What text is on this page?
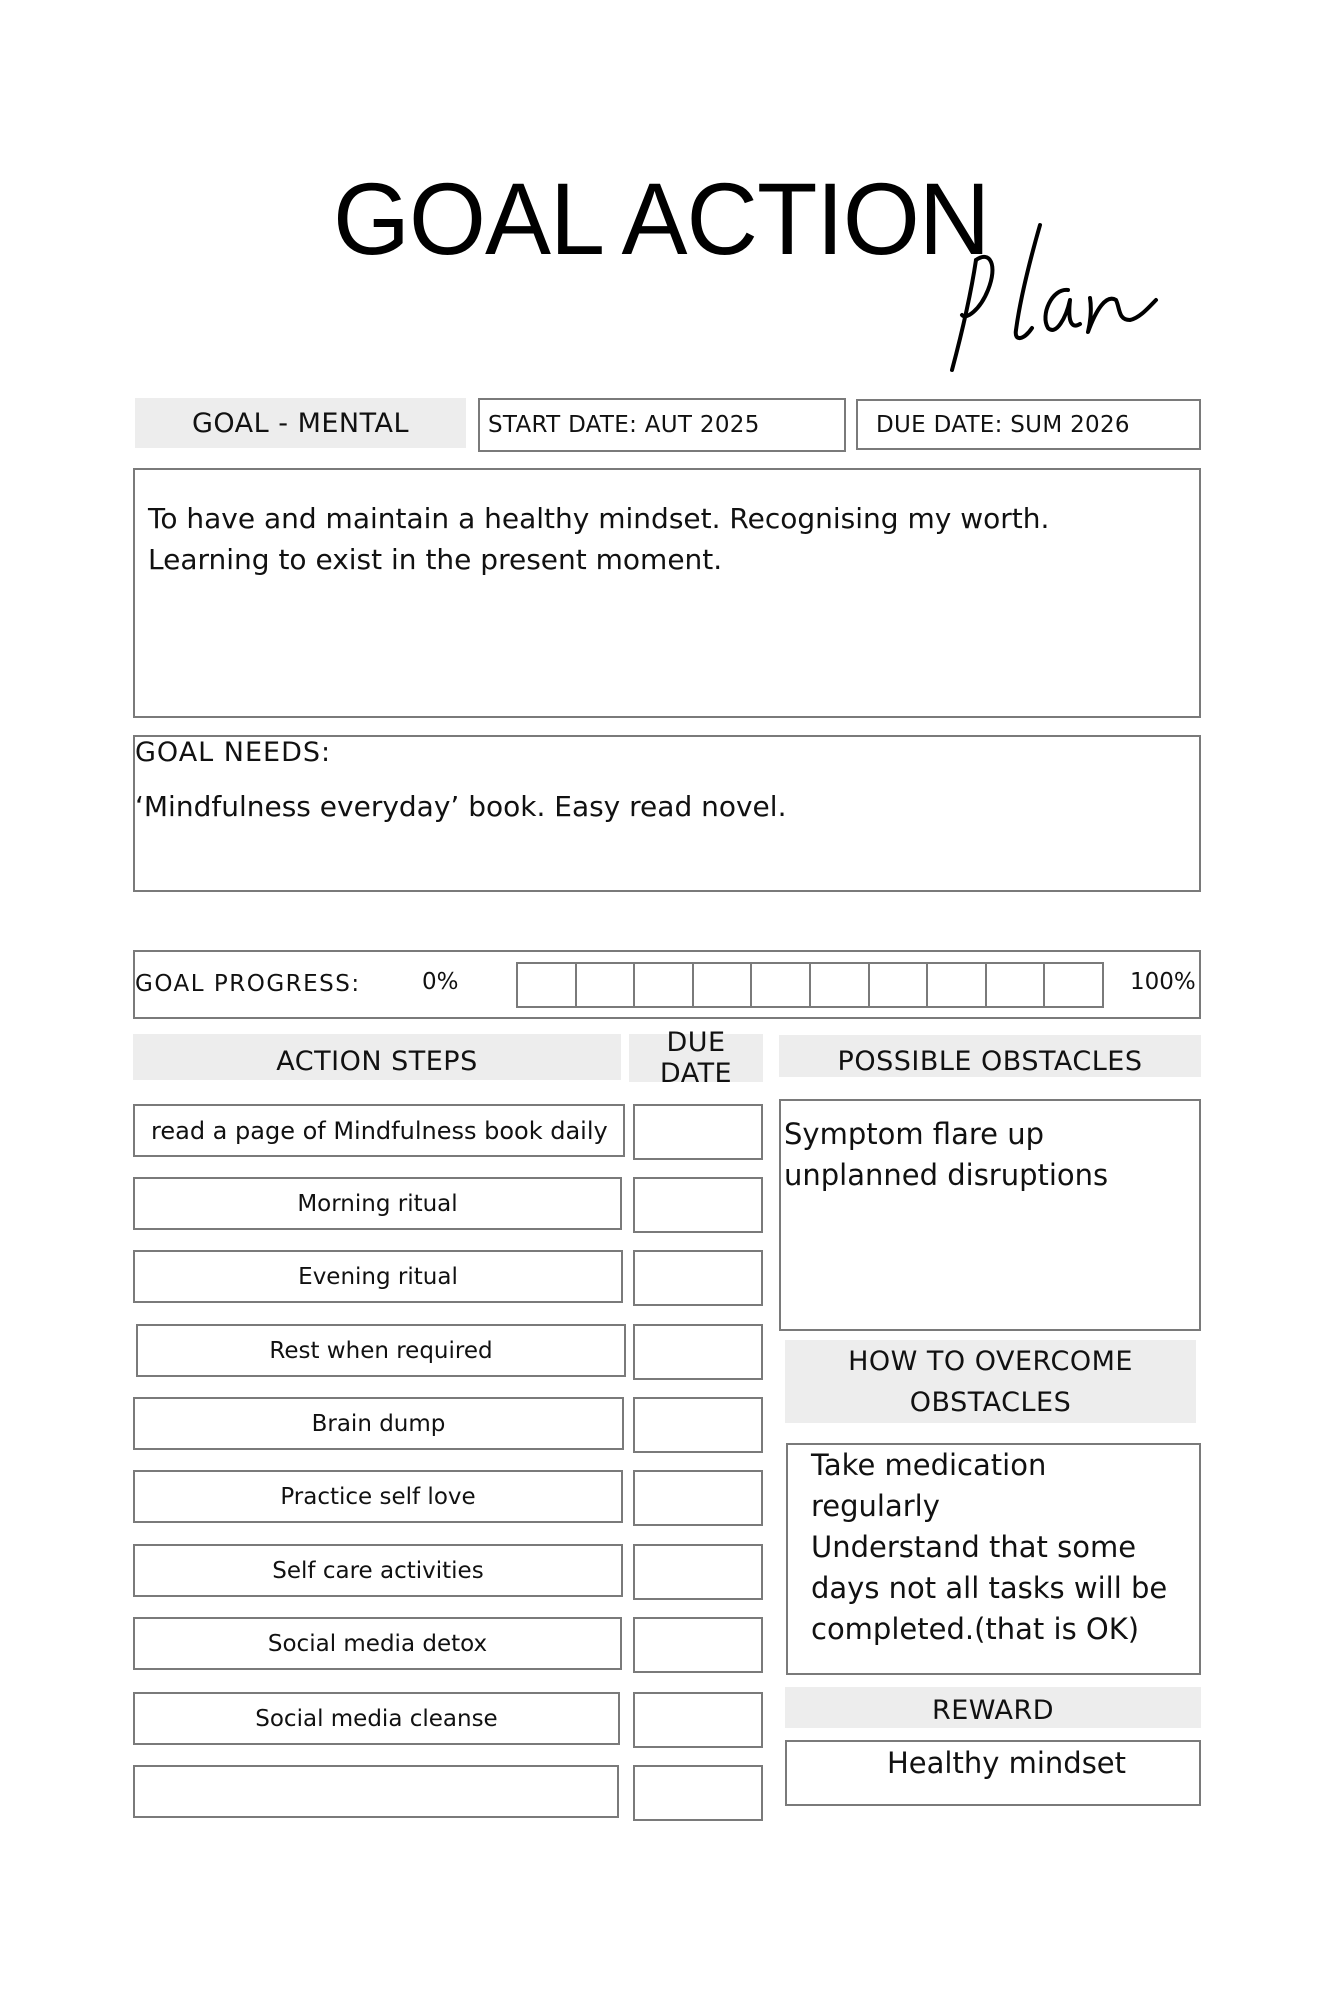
GOAL ACTION
GOAL - MENTAL	START DATE: AUT 2025	DUE DATE: SUM 2026
To have and maintain a healthy mindset. Recognising my worth.
Learning to exist in the present moment.
GOAL NEEDS:
‘Mindfulness everyday’ book. Easy read novel.
GOAL PROGRESS:	0%	100%
ACTION STEPS
DUE DATE	POSSIBLE OBSTACLES
read a page of Mindfulness book daily
Morning ritual
Evening ritual
Rest when required
Brain dump
Practice self love
Self care activities
Social media detox
Social media cleanse
Symptom flare up
unplanned disruptions
HOW TO OVERCOME
OBSTACLES
Take medication
regularly
Understand that some
days not all tasks will be
completed.(that is OK)
REWARD
Healthy mindset
